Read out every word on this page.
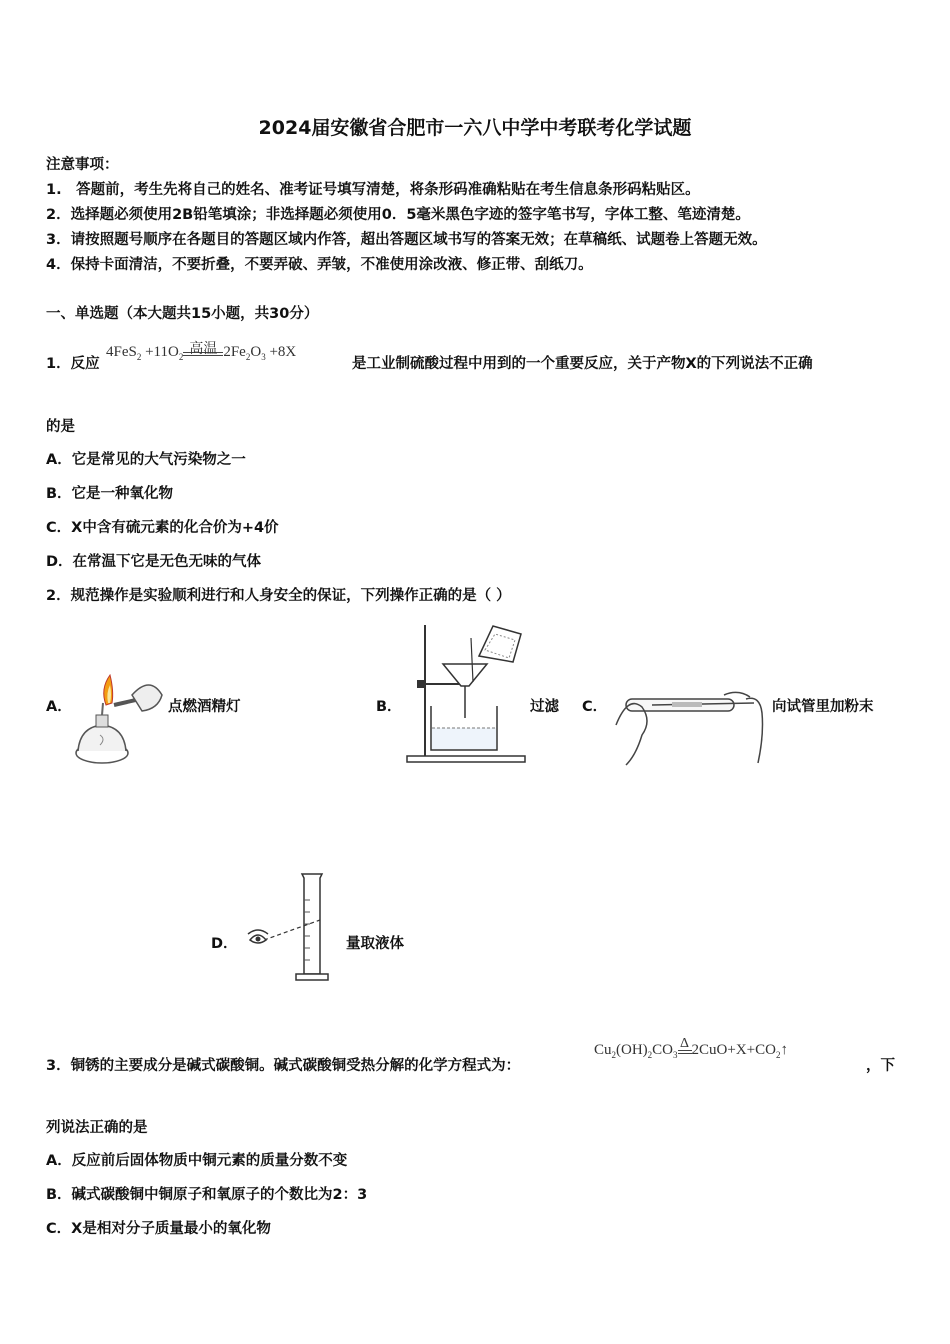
2024届安徽省合肥市一六八中学中考联考化学试题
注意事项：
1.　答题前，考生先将自己的姓名、准考证号填写清楚，将条形码准确粘贴在考生信息条形码粘贴区。
2．选择题必须使用2B铅笔填涂；非选择题必须使用0．5毫米黑色字迹的签字笔书写，字体工整、笔迹清楚。
3．请按照题号顺序在各题目的答题区域内作答，超出答题区域书写的答案无效；在草稿纸、试题卷上答题无效。
4．保持卡面清洁，不要折叠，不要弄破、弄皱，不准使用涂改液、修正带、刮纸刀。
一、单选题（本大题共15小题，共30分）
1．反应
$4FeS_2 +11O_2$ 高温 $2Fe_2O_3 +8X$
是工业制硫酸过程中用到的一个重要反应，关于产物X的下列说法不正确
的是
A．它是常见的大气污染物之一
B．它是一种氧化物
C．X中含有硫元素的化合价为+4价
D．在常温下它是无色无味的气体
2．规范操作是实验顺利进行和人身安全的保证，下列操作正确的是（ ）
A．	点燃酒精灯	B．	过滤 C．	向试管里加粉末
D．	量取液体
3．铜锈的主要成分是碱式碳酸铜。碱式碳酸铜受热分解的化学方程式为：
$Cu_2(OH)_2CO_3$
Δ $2CuO+X+CO_2↑$
，下
列说法正确的是
A．反应前后固体物质中铜元素的质量分数不变
B．碱式碳酸铜中铜原子和氧原子的个数比为2：3
C．X是相对分子质量最小的氧化物
